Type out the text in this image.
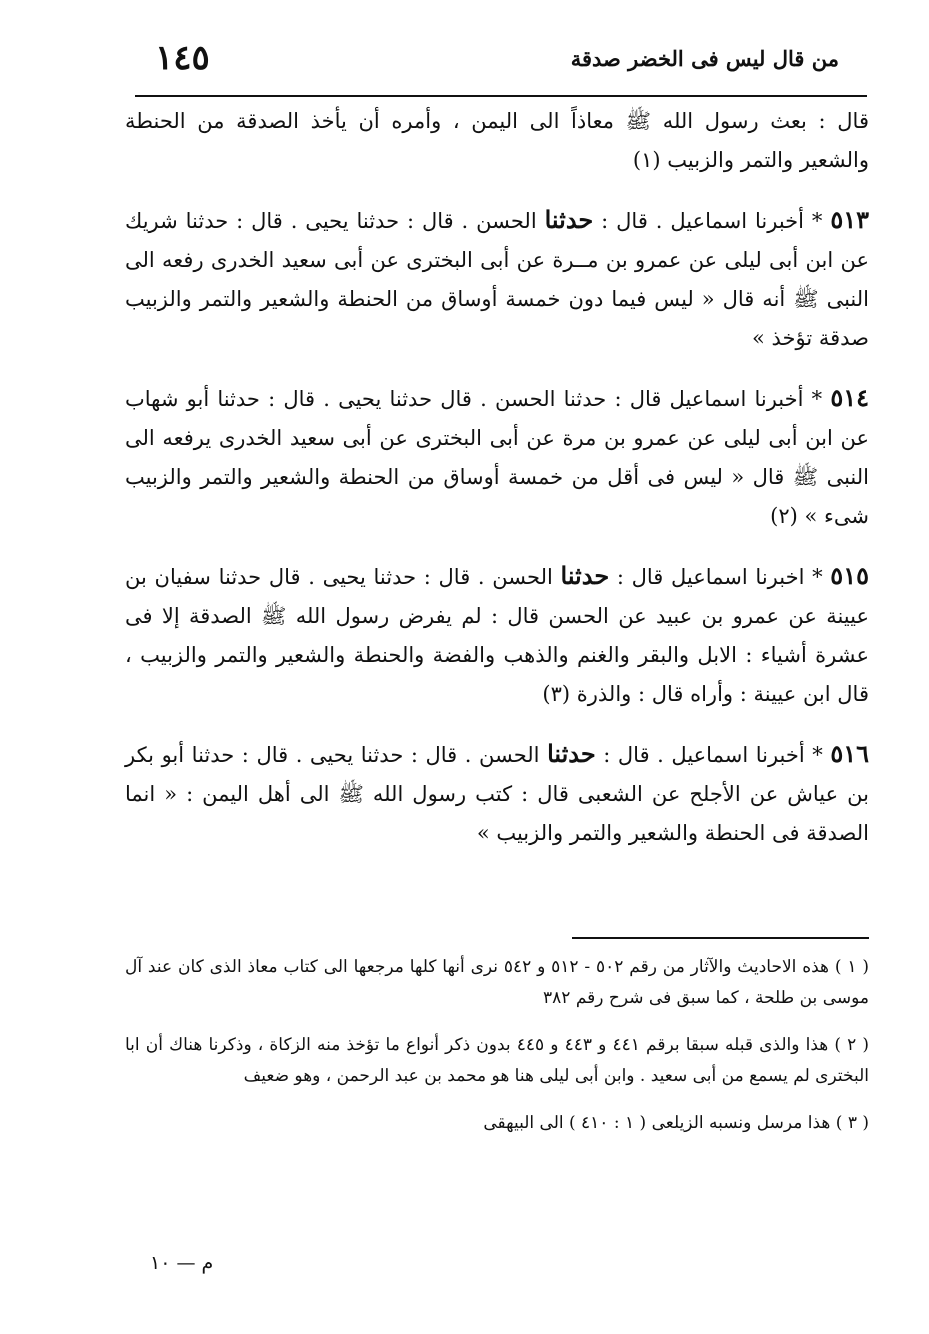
من قال ليس فى الخضر صدقة
١٤٥

قال : بعث رسول الله ﷺ معاذاً الى اليمن ، وأمره أن يأخذ الصدقة من الحنطة والشعير والتمر والزبيب (١)

٥١٣ * أخبرنا اسماعيل . قال : حدثنا الحسن . قال : حدثنا يحيى . قال : حدثنا شريك عن ابن أبى ليلى عن عمرو بن مــرة عن أبى البخترى عن أبى سعيد الخدرى رفعه الى النبى ﷺ أنه قال « ليس فيما دون خمسة أوساق من الحنطة والشعير والتمر والزبيب صدقة تؤخذ »

٥١٤ * أخبرنا اسماعيل قال : حدثنا الحسن . قال حدثنا يحيى . قال : حدثنا أبو شهاب عن ابن أبى ليلى عن عمرو بن مرة عن أبى البخترى عن أبى سعيد الخدرى يرفعه الى النبى ﷺ قال « ليس فى أقل من خمسة أوساق من الحنطة والشعير والتمر والزبيب شىء » (٢)

٥١٥ * اخبرنا اسماعيل قال : حدثنا الحسن . قال : حدثنا يحيى . قال حدثنا سفيان بن عيينة عن عمرو بن عبيد عن الحسن قال : لم يفرض رسول الله ﷺ الصدقة إلا فى عشرة أشياء : الابل والبقر والغنم والذهب والفضة والحنطة والشعير والتمر والزبيب ، قال ابن عيينة : وأراه قال : والذرة (٣)

٥١٦ * أخبرنا اسماعيل . قال : حدثنا الحسن . قال : حدثنا يحيى . قال : حدثنا أبو بكر بن عياش عن الأجلح عن الشعبى قال : كتب رسول الله ﷺ الى أهل اليمن : « انما الصدقة فى الحنطة والشعير والتمر والزبيب »

( ١ ) هذه الاحاديث والآثار من رقم ٥٠٢ - ٥١٢ و ٥٤٢ نرى أنها كلها مرجعها الى كتاب معاذ الذى كان عند آل موسى بن طلحة ، كما سبق فى شرح رقم ٣٨٢

( ٢ ) هذا والذى قبله سبقا برقم ٤٤١ و ٤٤٣ و ٤٤٥ بدون ذكر أنواع ما تؤخذ منه الزكاة ، وذكرنا هناك أن ابا البخترى لم يسمع من أبى سعيد . وابن أبى ليلى هنا هو محمد بن عبد الرحمن ، وهو ضعيف

( ٣ ) هذا مرسل ونسبه الزيلعى ( ١ : ٤١٠ ) الى البيهقى

م — ١٠
